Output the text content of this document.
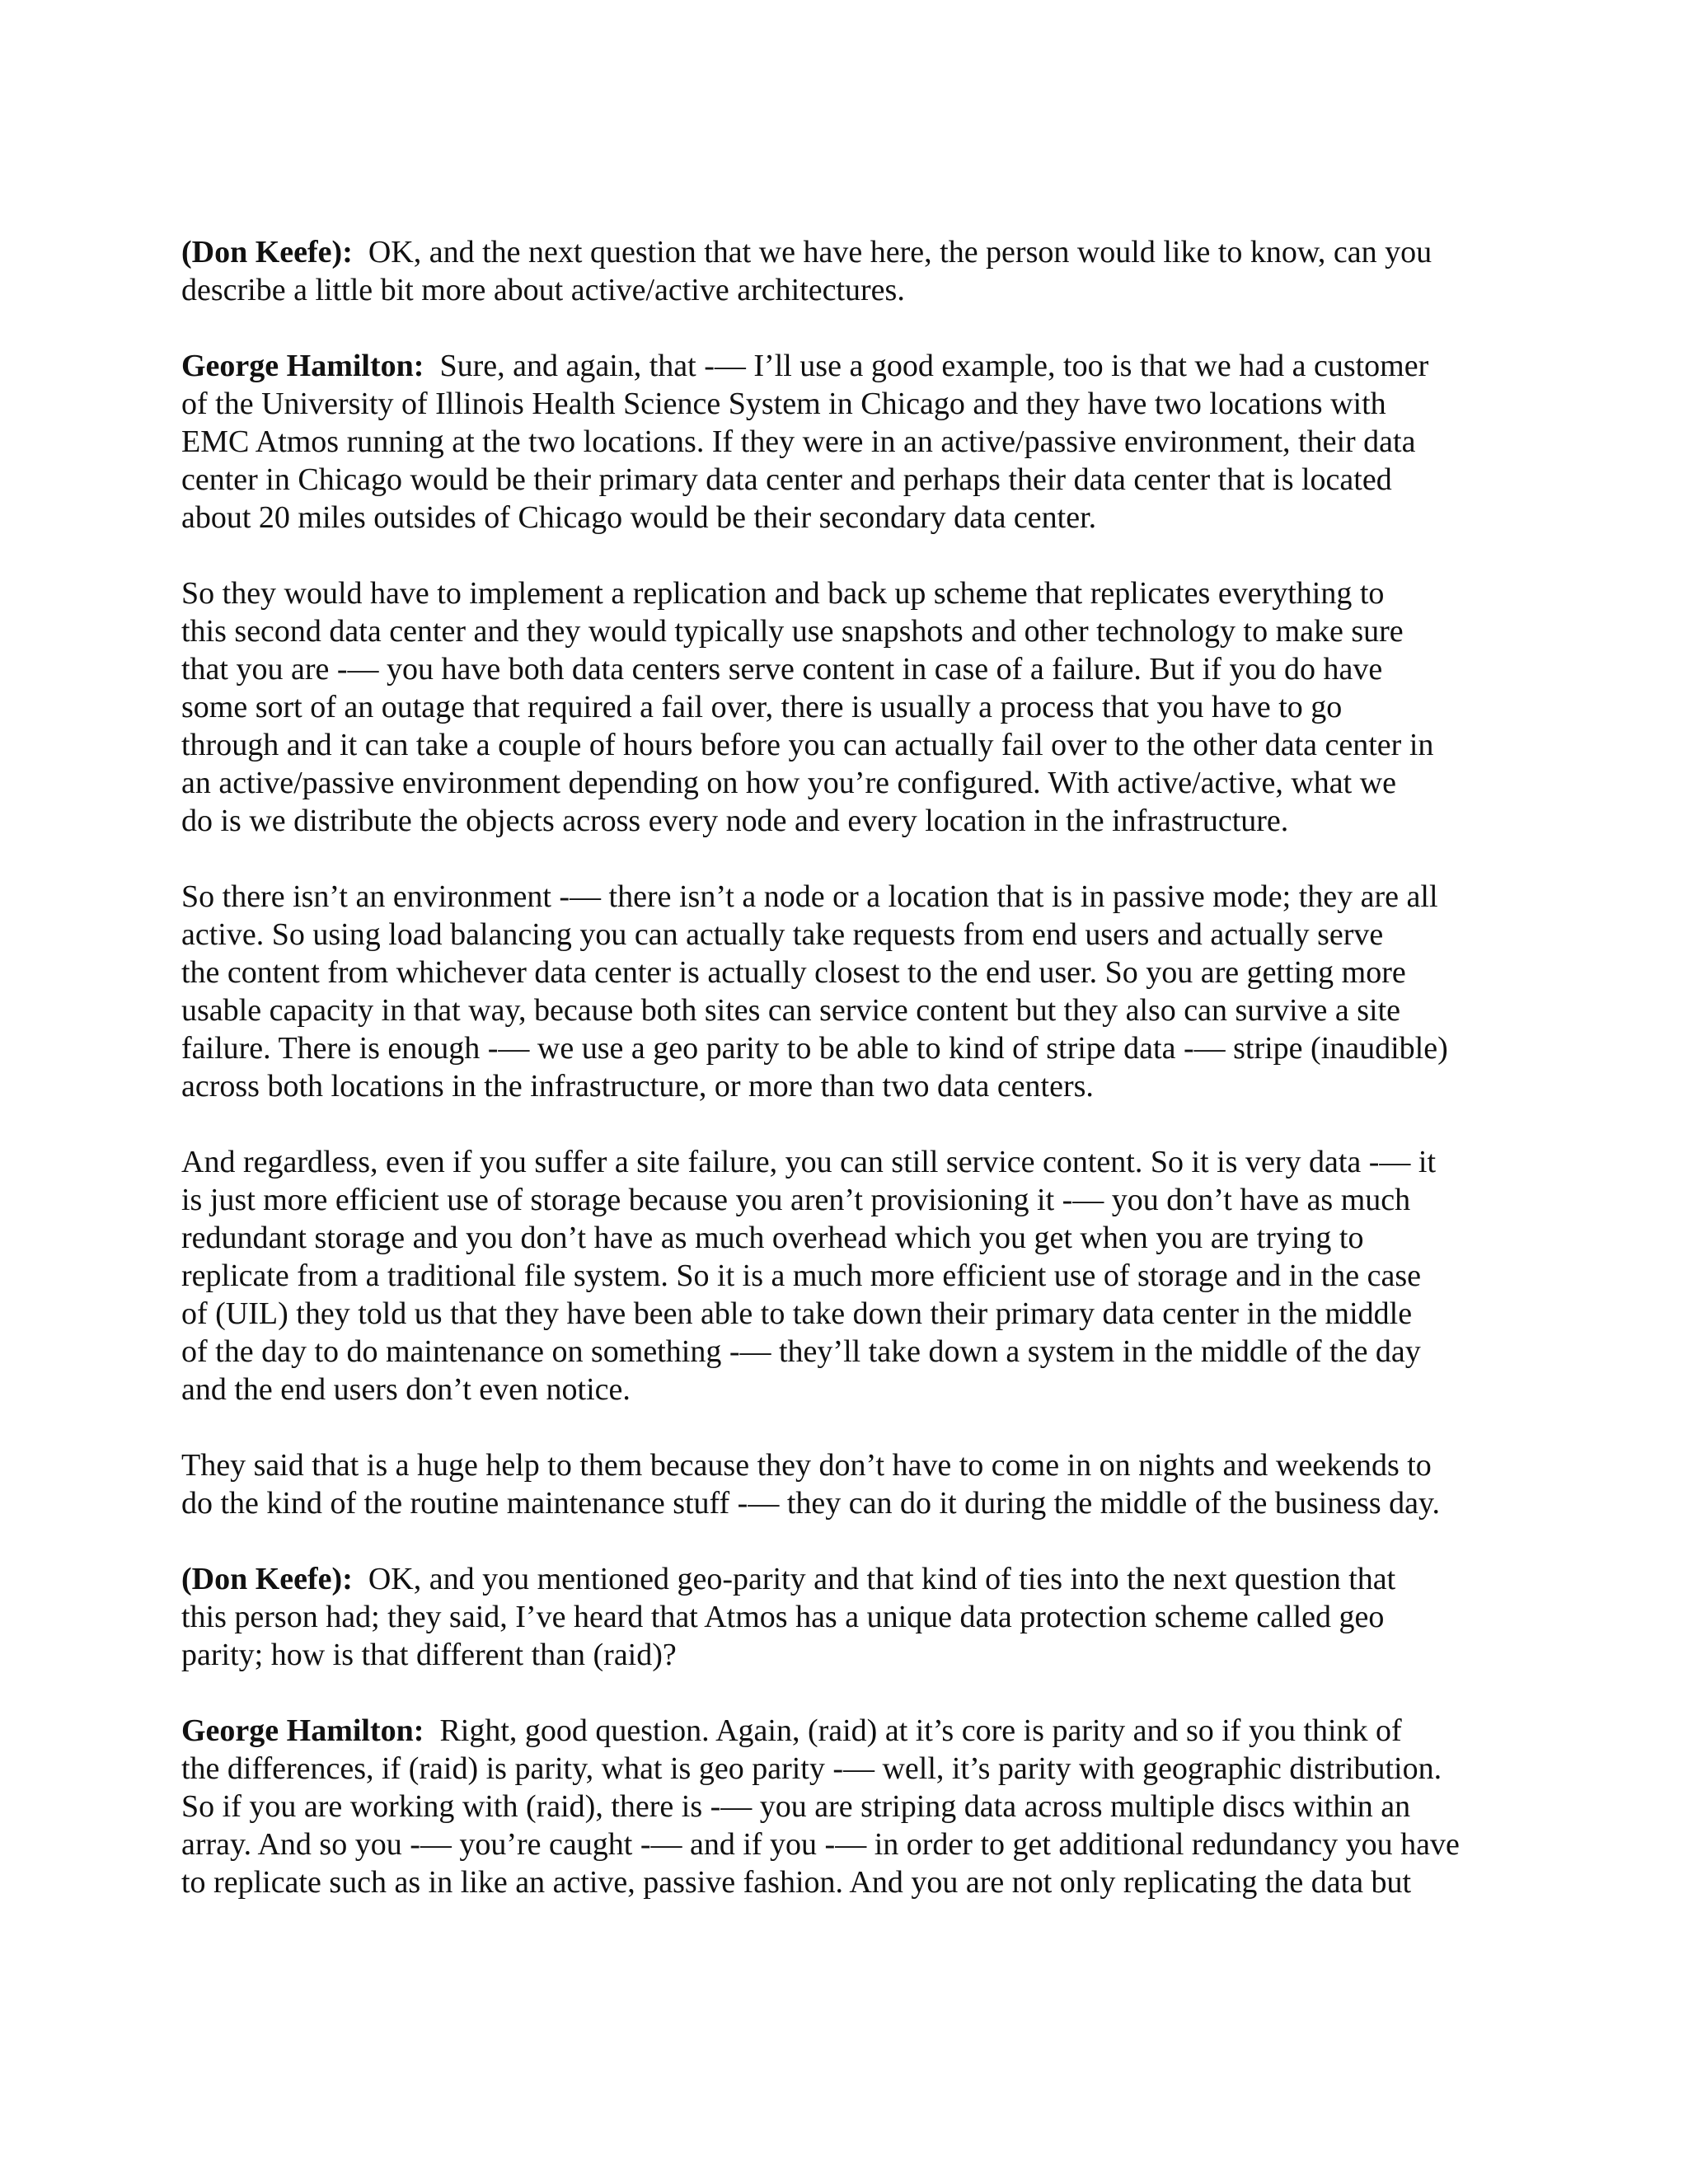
(Don Keefe): OK, and the next question that we have here, the person would like to know, can you
describe a little bit more about active/active architectures.
George Hamilton: Sure, and again, that -— I’ll use a good example, too is that we had a customer
of the University of Illinois Health Science System in Chicago and they have two locations with
EMC Atmos running at the two locations. If they were in an active/passive environment, their data
center in Chicago would be their primary data center and perhaps their data center that is located
about 20 miles outsides of Chicago would be their secondary data center.
So they would have to implement a replication and back up scheme that replicates everything to
this second data center and they would typically use snapshots and other technology to make sure
that you are -— you have both data centers serve content in case of a failure. But if you do have
some sort of an outage that required a fail over, there is usually a process that you have to go
through and it can take a couple of hours before you can actually fail over to the other data center in
an active/passive environment depending on how you’re configured. With active/active, what we
do is we distribute the objects across every node and every location in the infrastructure.
So there isn’t an environment -— there isn’t a node or a location that is in passive mode; they are all
active. So using load balancing you can actually take requests from end users and actually serve
the content from whichever data center is actually closest to the end user. So you are getting more
usable capacity in that way, because both sites can service content but they also can survive a site
failure. There is enough -— we use a geo parity to be able to kind of stripe data -— stripe (inaudible)
across both locations in the infrastructure, or more than two data centers.
And regardless, even if you suffer a site failure, you can still service content. So it is very data -— it
is just more efficient use of storage because you aren’t provisioning it -— you don’t have as much
redundant storage and you don’t have as much overhead which you get when you are trying to
replicate from a traditional file system. So it is a much more efficient use of storage and in the case
of (UIL) they told us that they have been able to take down their primary data center in the middle
of the day to do maintenance on something -— they’ll take down a system in the middle of the day
and the end users don’t even notice.
They said that is a huge help to them because they don’t have to come in on nights and weekends to
do the kind of the routine maintenance stuff -— they can do it during the middle of the business day.
(Don Keefe): OK, and you mentioned geo-parity and that kind of ties into the next question that
this person had; they said, I’ve heard that Atmos has a unique data protection scheme called geo
parity; how is that different than (raid)?
George Hamilton: Right, good question. Again, (raid) at it’s core is parity and so if you think of
the differences, if (raid) is parity, what is geo parity -— well, it’s parity with geographic distribution.
So if you are working with (raid), there is -— you are striping data across multiple discs within an
array. And so you -— you’re caught -— and if you -— in order to get additional redundancy you have
to replicate such as in like an active, passive fashion. And you are not only replicating the data but
